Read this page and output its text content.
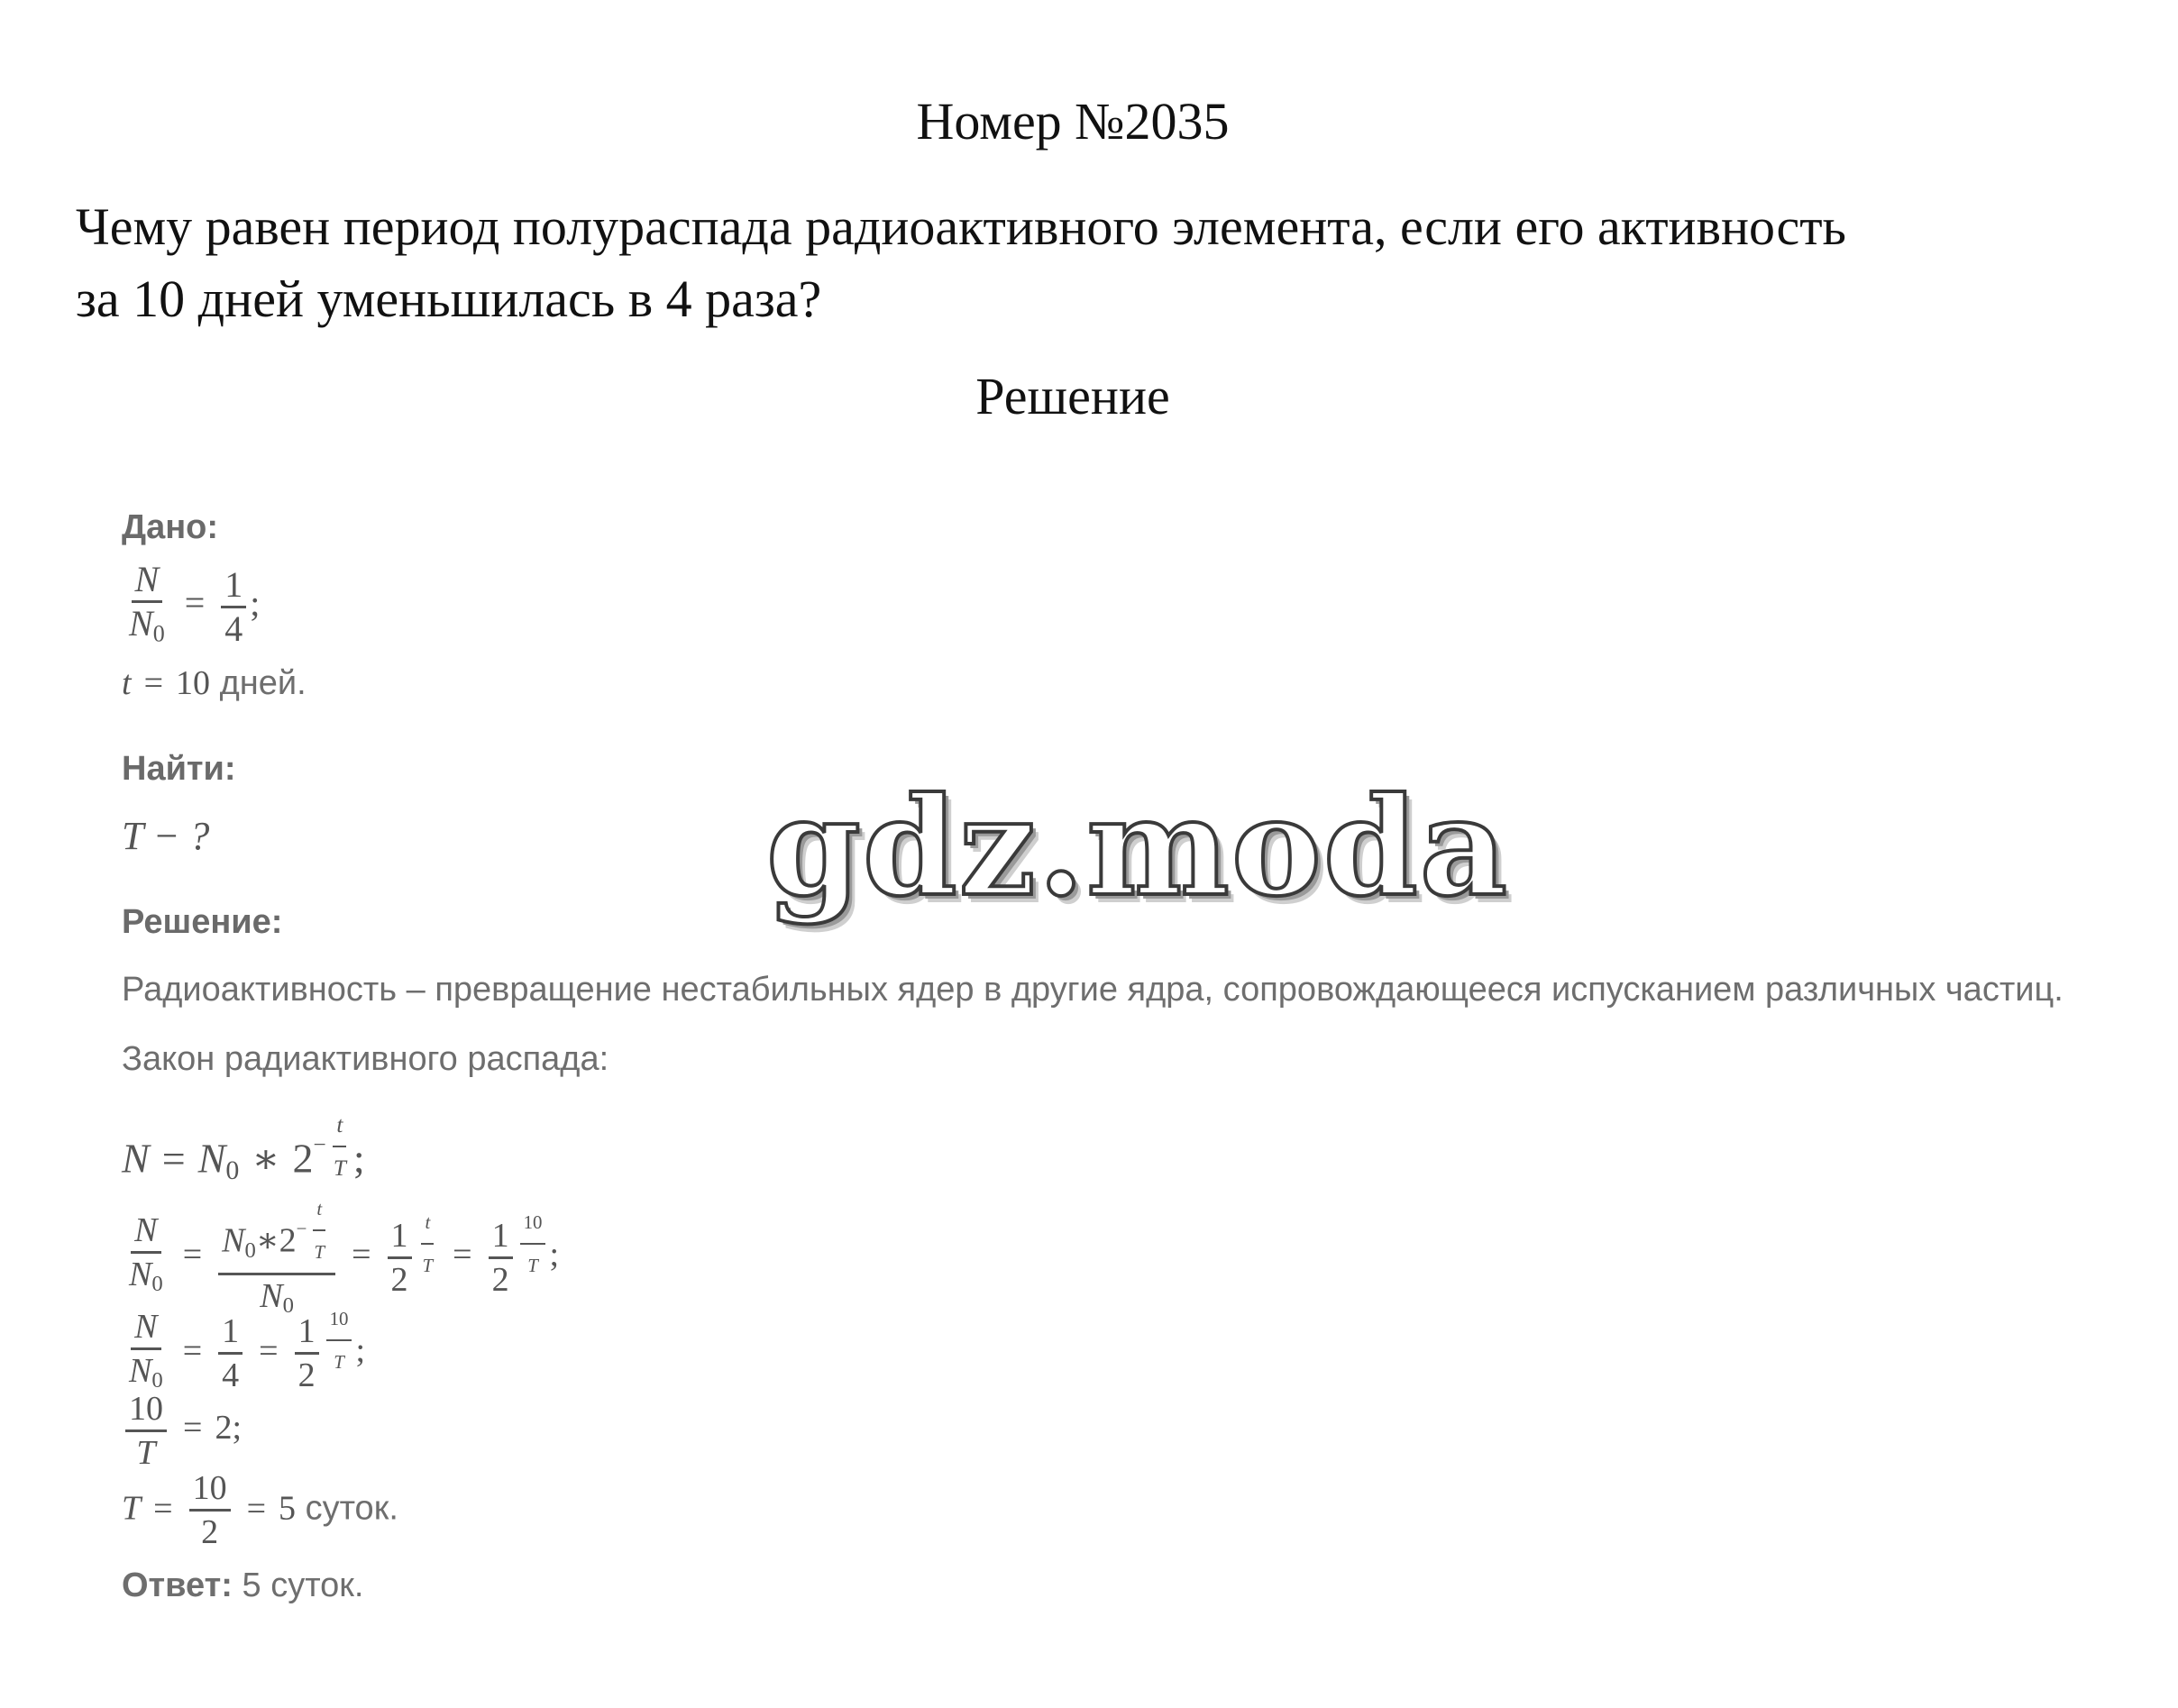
Номер №2035
Чему равен период полураспада радиоактивного элемента, если его активность
за 10 дней уменьшилась в 4 раза?
Решение
Дано:
$\frac{N}{N0} = \frac{1}{4}$ ;
t = 10 дней.
Найти:
T − ?
Решение:
Радиоактивность – превращение нестабильных ядер в другие ядра, сопровождающееся испусканием различных частиц.
Закон радиактивного распада:
N = N0 ∗ $2^{- \frac{t}{T}}$ ;
$\frac{N}{N0}$ = $N0∗2^{- \frac{t}{T}}$
$N0 = \frac{1}{2} ^{\frac{t}{T}} = \frac{1}{2} ^{\frac{10}{T}}$ ;
$\frac{N}{N0} = \frac{1}{4} = \frac{1}{2} ^{\frac{10}{T}}$ ;
$\frac{10}{T} = 2$;
$T = \frac{10}{2} = 5$ суток.
Ответ: 5 суток.
gdz.moda
